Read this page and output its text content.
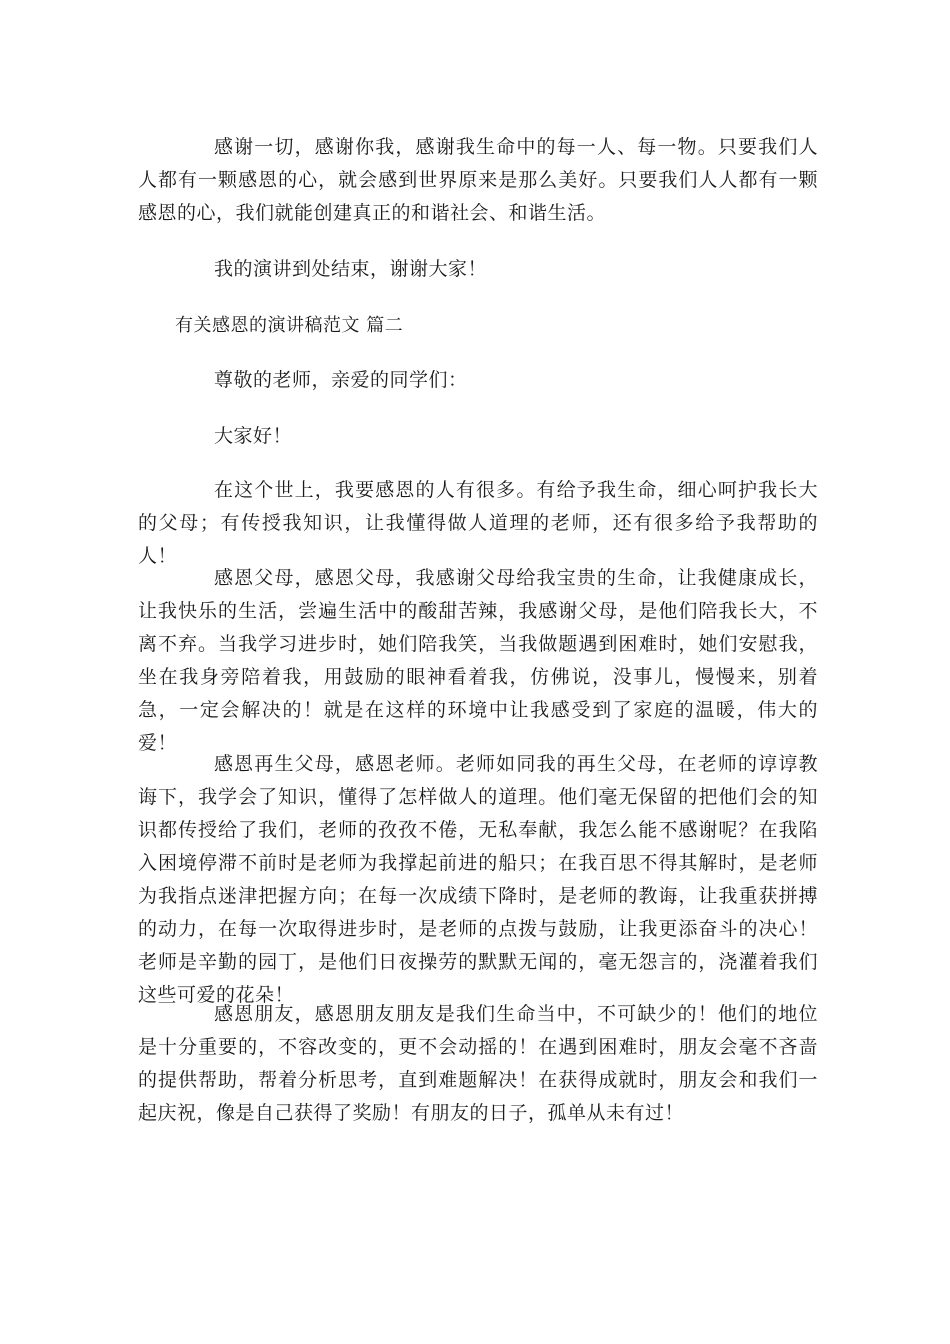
感谢一切，感谢你我，感谢我生命中的每一人、每一物。只要我们人人都有一颗感恩的心，就会感到世界原来是那么美好。只要我们人人都有一颗感恩的心，我们就能创建真正的和谐社会、和谐生活。

我的演讲到处结束，谢谢大家！

有关感恩的演讲稿范文 篇二

尊敬的老师，亲爱的同学们：

大家好！

在这个世上，我要感恩的人有很多。有给予我生命，细心呵护我长大的父母；有传授我知识，让我懂得做人道理的老师，还有很多给予我帮助的人！

感恩父母，感恩父母，我感谢父母给我宝贵的生命，让我健康成长，让我快乐的生活，尝遍生活中的酸甜苦辣，我感谢父母，是他们陪我长大，不离不弃。当我学习进步时，她们陪我笑，当我做题遇到困难时，她们安慰我，坐在我身旁陪着我，用鼓励的眼神看着我，仿佛说，没事儿，慢慢来，别着急，一定会解决的！就是在这样的环境中让我感受到了家庭的温暖，伟大的爱！

感恩再生父母，感恩老师。老师如同我的再生父母，在老师的谆谆教诲下，我学会了知识，懂得了怎样做人的道理。他们毫无保留的把他们会的知识都传授给了我们，老师的孜孜不倦，无私奉献，我怎么能不感谢呢？在我陷入困境停滞不前时是老师为我撑起前进的船只；在我百思不得其解时，是老师为我指点迷津把握方向；在每一次成绩下降时，是老师的教诲，让我重获拼搏的动力，在每一次取得进步时，是老师的点拨与鼓励，让我更添奋斗的决心！老师是辛勤的园丁，是他们日夜操劳的默默无闻的，毫无怨言的，浇灌着我们这些可爱的花朵！

感恩朋友，感恩朋友朋友是我们生命当中，不可缺少的！他们的地位是十分重要的，不容改变的，更不会动摇的！在遇到困难时，朋友会毫不吝啬的提供帮助，帮着分析思考，直到难题解决！在获得成就时，朋友会和我们一起庆祝，像是自己获得了奖励！有朋友的日子，孤单从未有过！
